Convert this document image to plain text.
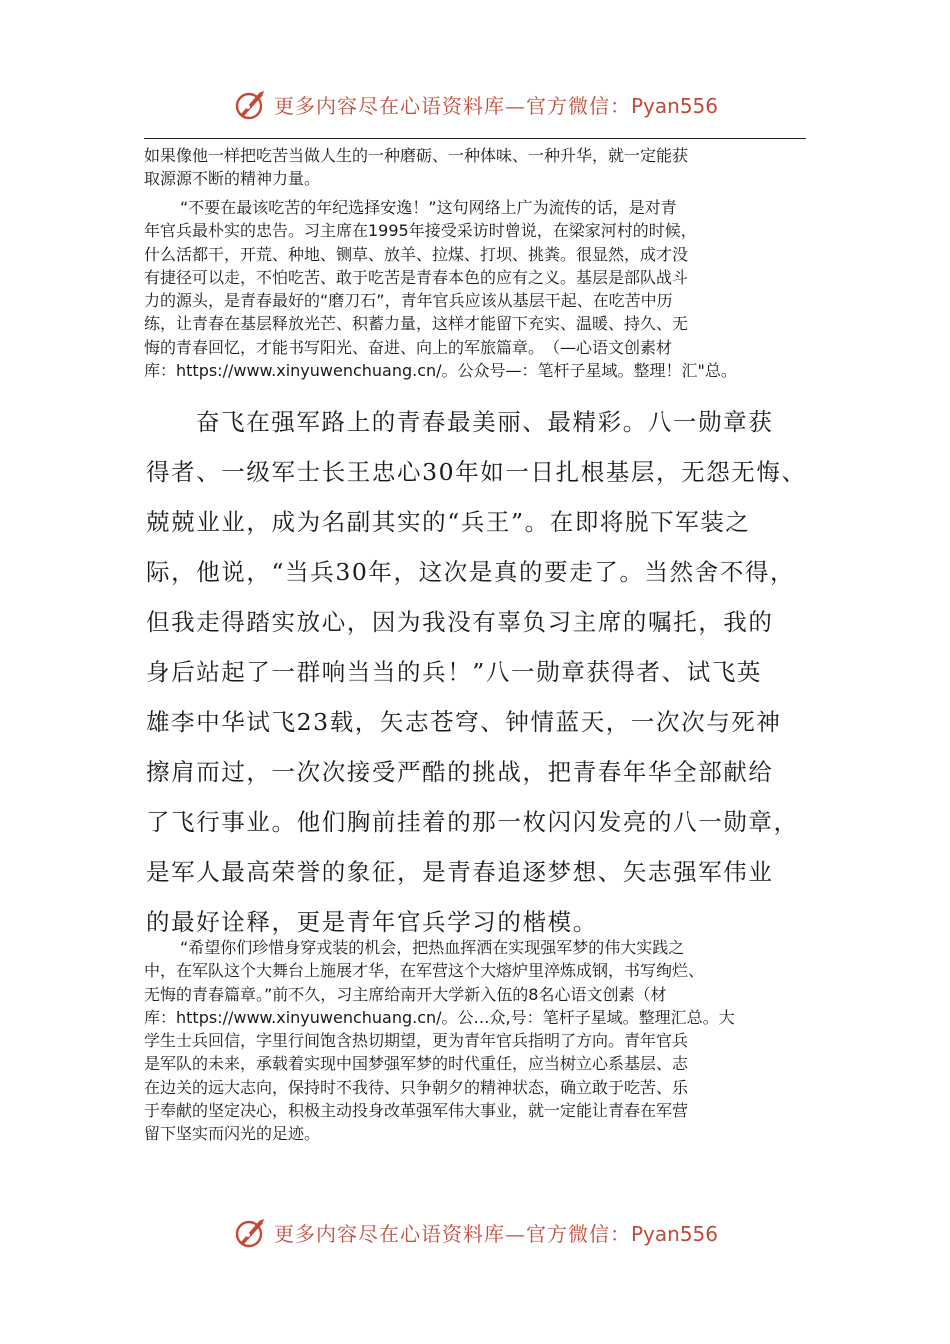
更多内容尽在心语资料库—官方微信：Pyan556
如果像他一样把吃苦当做人生的一种磨砺、一种体味、一种升华，就一定能获
取源源不断的精神力量。
“不要在最该吃苦的年纪选择安逸！”这句网络上广为流传的话，是对青
年官兵最朴实的忠告。习主席在1995年接受采访时曾说，在梁家河村的时候，
什么活都干，开荒、种地、铡草、放羊、拉煤、打坝、挑粪。很显然，成才没
有捷径可以走，不怕吃苦、敢于吃苦是青春本色的应有之义。基层是部队战斗
力的源头，是青春最好的“磨刀石”，青年官兵应该从基层干起、在吃苦中历
练，让青春在基层释放光芒、积蓄力量，这样才能留下充实、温暖、持久、无
悔的青春回忆，才能书写阳光、奋进、向上的军旅篇章。　（—心语文创素材
库：https://www.xinyuwenchuang.cn/。公众号—：笔杆子星域。整理！汇"总。
奋飞在强军路上的青春最美丽、最精彩。八一勋章获
得者、一级军士长王忠心30年如一日扎根基层，无怨无悔、
兢兢业业，成为名副其实的“兵王”。在即将脱下军装之
际，他说，“当兵30年，这次是真的要走了。当然舍不得，
但我走得踏实放心，因为我没有辜负习主席的嘱托，我的
身后站起了一群响当当的兵！”八一勋章获得者、试飞英
雄李中华试飞23载，矢志苍穹、钟情蓝天，一次次与死神
擦肩而过，一次次接受严酷的挑战，把青春年华全部献给
了飞行事业。他们胸前挂着的那一枚闪闪发亮的八一勋章，
是军人最高荣誉的象征，是青春追逐梦想、矢志强军伟业
的最好诠释，更是青年官兵学习的楷模。
“希望你们珍惜身穿戎装的机会，把热血挥洒在实现强军梦的伟大实践之
中，在军队这个大舞台上施展才华，在军营这个大熔炉里淬炼成钢，书写绚烂、
无悔的青春篇章。”前不久，习主席给南开大学新入伍的8名心语文创素（材
库：https://www.xinyuwenchuang.cn/。公…众,号：笔杆子星域。整理汇总。大
学生士兵回信，字里行间饱含热切期望，更为青年官兵指明了方向。青年官兵
是军队的未来，承载着实现中国梦强军梦的时代重任，应当树立心系基层、志
在边关的远大志向，保持时不我待、只争朝夕的精神状态，确立敢于吃苦、乐
于奉献的坚定决心，积极主动投身改革强军伟大事业，就一定能让青春在军营
留下坚实而闪光的足迹。
更多内容尽在心语资料库—官方微信：Pyan556
